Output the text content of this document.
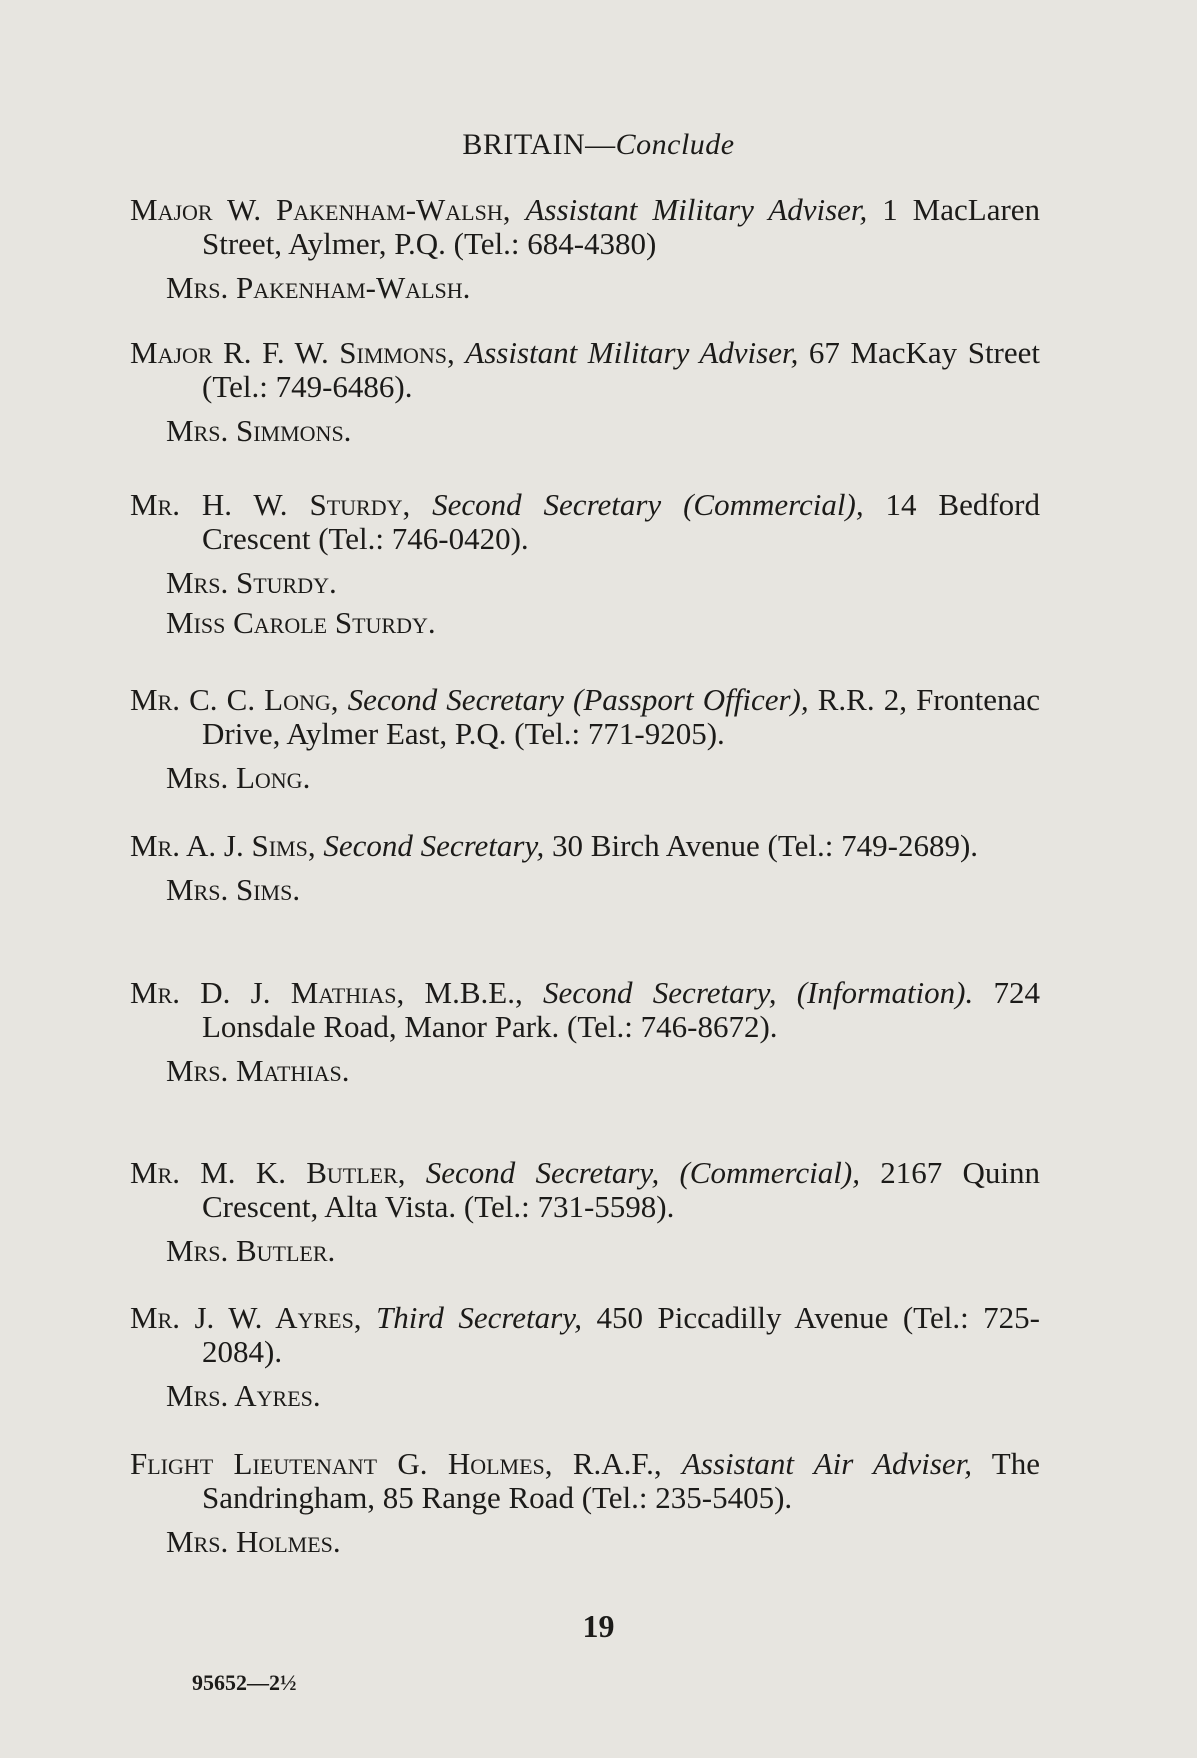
BRITAIN—Conclude
Major W. Pakenham-Walsh, Assistant Military Adviser, 1 MacLaren Street, Aylmer, P.Q. (Tel.: 684-4380)
Mrs. Pakenham-Walsh.
Major R. F. W. Simmons, Assistant Military Adviser, 67 MacKay Street (Tel.: 749-6486).
Mrs. Simmons.
Mr. H. W. Sturdy, Second Secretary (Commercial), 14 Bedford Crescent (Tel.: 746-0420).
Mrs. Sturdy.
Miss Carole Sturdy.
Mr. C. C. Long, Second Secretary (Passport Officer), R.R. 2, Frontenac Drive, Aylmer East, P.Q. (Tel.: 771-9205).
Mrs. Long.
Mr. A. J. Sims, Second Secretary, 30 Birch Avenue (Tel.: 749-2689).
Mrs. Sims.
Mr. D. J. Mathias, M.B.E., Second Secretary, (Information). 724 Lonsdale Road, Manor Park. (Tel.: 746-8672).
Mrs. Mathias.
Mr. M. K. Butler, Second Secretary, (Commercial), 2167 Quinn Crescent, Alta Vista. (Tel.: 731-5598).
Mrs. Butler.
Mr. J. W. Ayres, Third Secretary, 450 Piccadilly Avenue (Tel.: 725-2084).
Mrs. Ayres.
Flight Lieutenant G. Holmes, R.A.F., Assistant Air Adviser, The Sandringham, 85 Range Road (Tel.: 235-5405).
Mrs. Holmes.
19
95652—2½
